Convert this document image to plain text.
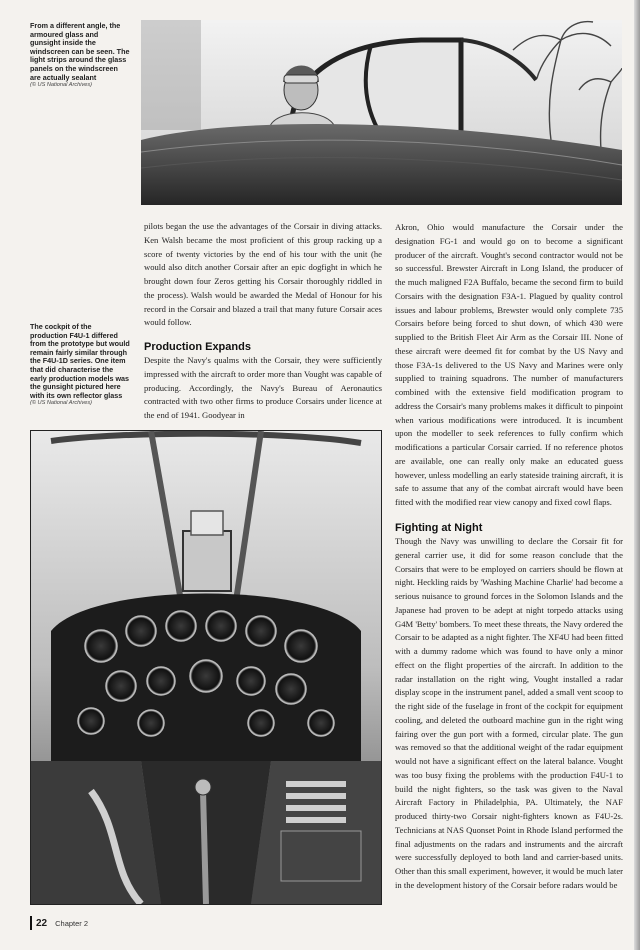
From a different angle, the armoured glass and gunsight inside the windscreen can be seen. The light strips around the glass panels on the windscreen are actually sealant
(© US National Archives)
The cockpit of the production F4U-1 differed from the prototype but would remain fairly similar through the F4U-1D series. One item that did characterise the early production models was the gunsight pictured here with its own reflector glass
(© US National Archives)

pilots began the use the advantages of the Corsair in diving attacks. Ken Walsh became the most proficient of this group racking up a score of twenty victories by the end of his tour with the unit (he would also ditch another Corsair after an epic dogfight in which he brought down four Zeros getting his Corsair thoroughly riddled in the process). Walsh would be awarded the Medal of Honour for his record in the Corsair and blazed a trail that many future Corsair aces would follow.

Production Expands

Despite the Navy's qualms with the Corsair, they were sufficiently impressed with the aircraft to order more than Vought was capable of producing. Accordingly, the Navy's Bureau of Aeronautics contracted with two other firms to produce Corsairs under licence at the end of 1941. Goodyear in

Akron, Ohio would manufacture the Corsair under the designation FG-1 and would go on to become a significant producer of the aircraft. Vought's second contractor would not be so successful. Brewster Aircraft in Long Island, the producer of the much maligned F2A Buffalo, became the second firm to build Corsairs with the designation F3A-1. Plagued by quality control issues and labour problems, Brewster would only complete 735 Corsairs before being forced to shut down, of which 430 were supplied to the British Fleet Air Arm as the Corsair III. None of these aircraft were deemed fit for combat by the US Navy and those F3A-1s delivered to the US Navy and Marines were only supplied to training squadrons. The number of manufacturers combined with the extensive field modification program to address the Corsair's many problems makes it difficult to pinpoint when various modifications were introduced. It is incumbent upon the modeller to seek references to fully confirm which modifications a particular Corsair carried. If no reference photos are available, one can really only make an educated guess however, unless modelling an early stateside training aircraft, it is safe to assume that any of the combat aircraft would have been fitted with the modified rear view canopy and fixed cowl flaps.

Fighting at Night

Though the Navy was unwilling to declare the Corsair fit for general carrier use, it did for some reason conclude that the Corsairs that were to be employed on carriers should be flown at night. Heckling raids by 'Washing Machine Charlie' had become a serious nuisance to ground forces in the Solomon Islands and the Japanese had proven to be adept at night torpedo attacks using G4M 'Betty' bombers. To meet these threats, the Navy ordered the Corsair to be adapted as a night fighter. The XF4U had been fitted with a dummy radome which was found to have only a minor effect on the flight properties of the aircraft. In addition to the radar installation on the right wing, Vought installed a radar display scope in the instrument panel, added a small vent scoop to the right side of the fuselage in front of the cockpit for equipment cooling, and deleted the outboard machine gun in the right wing fairing over the gun port with a formed, circular plate. The gun was removed so that the additional weight of the radar equipment would not have a significant effect on the lateral balance. Vought was too busy fixing the problems with the production F4U-1 to build the night fighters, so the task was given to the Naval Aircraft Factory in Philadelphia, PA. Ultimately, the NAF produced thirty-two Corsair night-fighters known as F4U-2s. Technicians at NAS Quonset Point in Rhode Island performed the final adjustments on the radars and instruments and the aircraft were successfully deployed to both land and carrier-based units. Other than this small experiment, however, it would be much later in the development history of the Corsair before radars would be

22 Chapter 2
